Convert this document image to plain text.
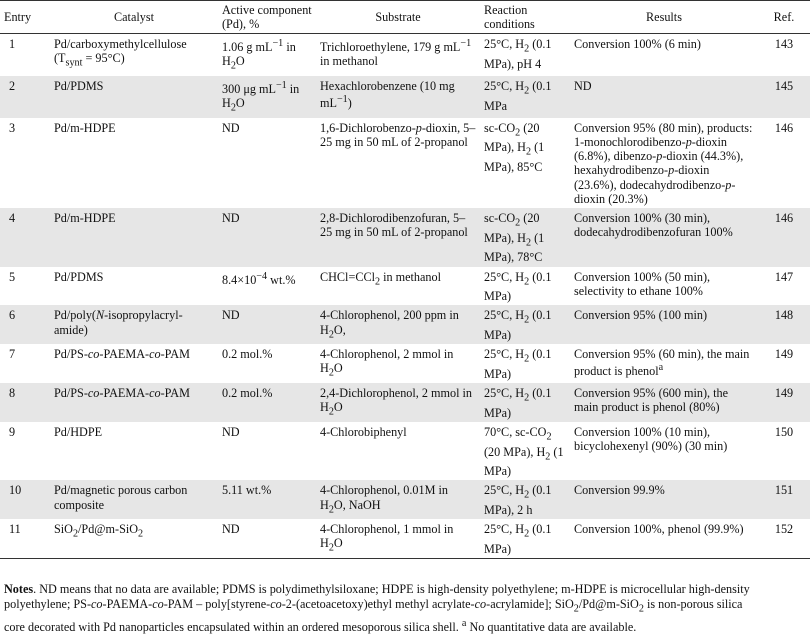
Entry	Catalyst	Active component (Pd), %	Substrate	Reaction conditions	Results	Ref.
1	Pd/carboxymethylcellulose $(T_{synt} = 95^\circ C)$	1.06 g $mL^{-1}$ in $H_2O$	Trichloroethylene, 179 g $mL^{-1}$ in methanol	25°C, $H_2$ (0.1 MPa), pH 4	Conversion 100% (6 min)	143
2	Pd/PDMS	300 μg $mL^{-1}$ in $H_2O$	Hexachlorobenzene (10 mg $mL^{-1}$)	25°C, $H_2$ (0.1 MPa	ND	145
3	Pd/m-HDPE	ND	1,6-Dichlorobenzo-p-dioxin, 5–25 mg in 50 mL of 2-propanol	$sc-CO_2$ (20 MPa), $H_2$ (1 MPa), 85°C	Conversion 95% (80 min), products: 1-monochlorodibenzo-p-dioxin (6.8%), dibenzo-p-dioxin (44.3%), hexahydrodibenzo-p-dioxin (23.6%), dodecahydrodibenzo-p-dioxin (20.3%)	146
4	Pd/m-HDPE	ND	2,8-Dichlorodibenzofuran, 5–25 mg in 50 mL of 2-propanol	$sc-CO_2$ (20 MPa), $H_2$ (1 MPa), 78°C	Conversion 100% (30 min), dodecahydrodibenzofuran 100%	146
5	Pd/PDMS	$8.4\times 10^{-4}$ wt.%	CHCl=CCl$_2$ in methanol	25°C, $H_2$ (0.1 MPa)	Conversion 100% (50 min), selectivity to ethane 100%	147
6	Pd/poly(N-isopropylacryl-amide)	ND	4-Chlorophenol, 200 ppm in $H_2O$,	25°C, $H_2$ (0.1 MPa)	Conversion 95% (100 min)	148
7	Pd/PS-co-PAEMA-co-PAM	0.2 mol.%	4-Chlorophenol, 2 mmol in $H_2O$	25°C, $H_2$ (0.1 MPa)	Conversion 95% (60 min), the main product is phenol$^a$	149
8	Pd/PS-co-PAEMA-co-PAM	0.2 mol.%	2,4-Dichlorophenol, 2 mmol in $H_2O$	25°C, $H_2$ (0.1 MPa)	Conversion 95% (600 min), the main product is phenol (80%)	149
9	Pd/HDPE	ND	4-Chlorobiphenyl	70°C, $sc-CO_2$ (20 MPa), $H_2$ (1 MPa)	Conversion 100% (10 min), bicyclohexenyl (90%) (30 min)	150
10	Pd/magnetic porous carbon composite	5.11 wt.%	4-Chlorophenol, 0.01M in $H_2O$, NaOH	25°C, $H_2$ (0.1 MPa), 2 h	Conversion 99.9%	151
11	SiO$_2$/Pd@m-SiO$_2$	ND	4-Chlorophenol, 1 mmol in $H_2O$	25°C, $H_2$ (0.1 MPa)	Conversion 100%, phenol (99.9%)	152
Notes. ND means that no data are available; PDMS is polydimethylsiloxane; HDPE is high-density polyethylene; m-HDPE is microcellular high-density polyethylene; PS-co-PAEMA-co-PAM – poly[styrene-co-2-(acetoacetoxy)ethyl methyl acrylate-co-acrylamide]; SiO$_2$/Pd@m-SiO$_2$ is non-porous silica core decorated with Pd nanoparticles encapsulated within an ordered mesoporous silica shell. $^a$ No quantitative data are available.
